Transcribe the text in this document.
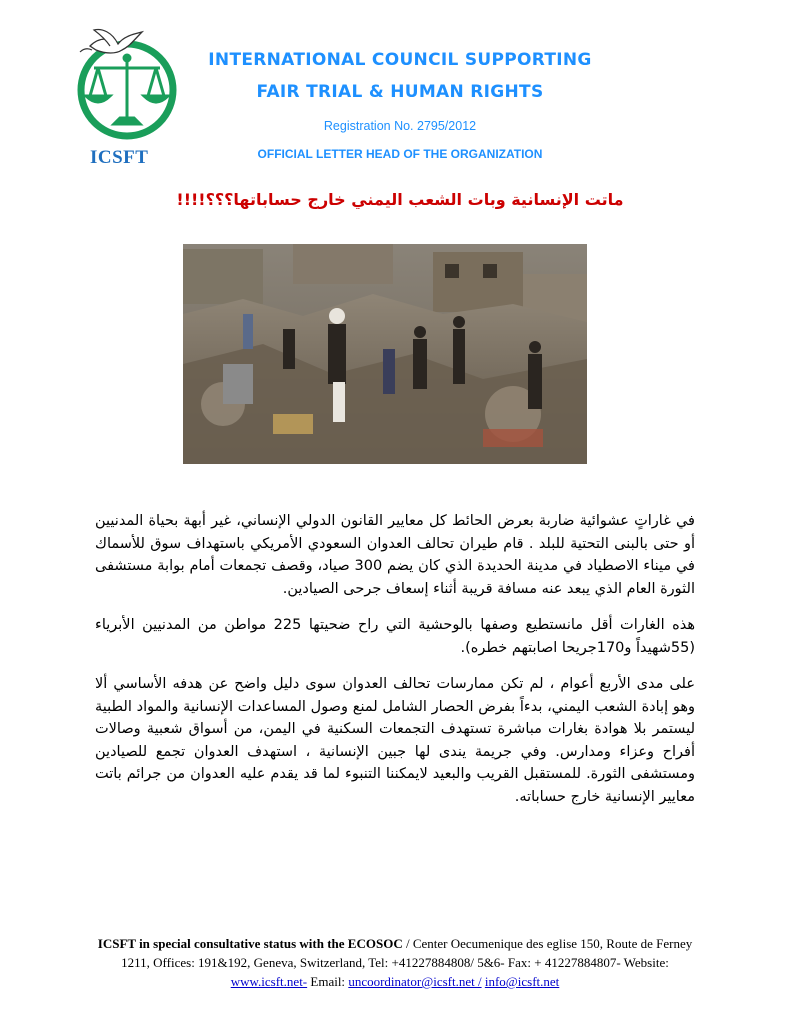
ICSFT
INTERNATIONAL COUNCIL SUPPORTING
FAIR TRIAL & HUMAN RIGHTS
Registration No. 2795/2012
OFFICIAL LETTER HEAD OF THE ORGANIZATION
ماتت الإنسانية وبات الشعب اليمني خارج حساباتها؟؟؟!!!!

في غاراتٍ عشوائية ضاربة بعرض الحائط كل معايير القانون الدولي الإنساني، غير أبهة بحياة المدنيين أو حتى بالبنى التحتية للبلد . قام طيران تحالف العدوان السعودي الأمريكي باستهداف سوق للأسماك في ميناء الاصطياد في مدينة الحديدة الذي كان يضم 300 صياد، وقصف تجمعات أمام بوابة مستشفى الثورة العام الذي يبعد عنه مسافة قريبة أثناء إسعاف جرحى الصيادين.

هذه الغارات أقل مانستطيع وصفها بالوحشية التي راح ضحيتها 225 مواطن من المدنيين الأبرياء (55شهيداً و170جريحا اصابتهم خطره).

على مدى الأربع أعوام ، لم تكن ممارسات تحالف العدوان سوى دليل واضح عن هدفه الأساسي ألا وهو إبادة الشعب اليمني، بدءاً بفرض الحصار الشامل لمنع وصول المساعدات الإنسانية والمواد الطبية ليستمر بلا هوادة بغارات مباشرة تستهدف التجمعات السكنية في اليمن، من أسواق شعبية وصالات أفراح وعزاء ومدارس. وفي جريمة يندى لها جبين الإنسانية ، استهدف العدوان تجمع للصيادين ومستشفى الثورة. للمستقبل القريب والبعيد لايمكننا التنبوء لما قد يقدم عليه العدوان من جرائم باتت معايير الإنسانية خارج حساباته.

ICSFT in special consultative status with the ECOSOC / Center Oecumenique des eglise 150, Route de Ferney 1211, Offices: 191&192, Geneva, Switzerland, Tel: +41227884808/ 5&6- Fax: + 41227884807- Website: www.icsft.net- Email: uncoordinator@icsft.net / info@icsft.net
